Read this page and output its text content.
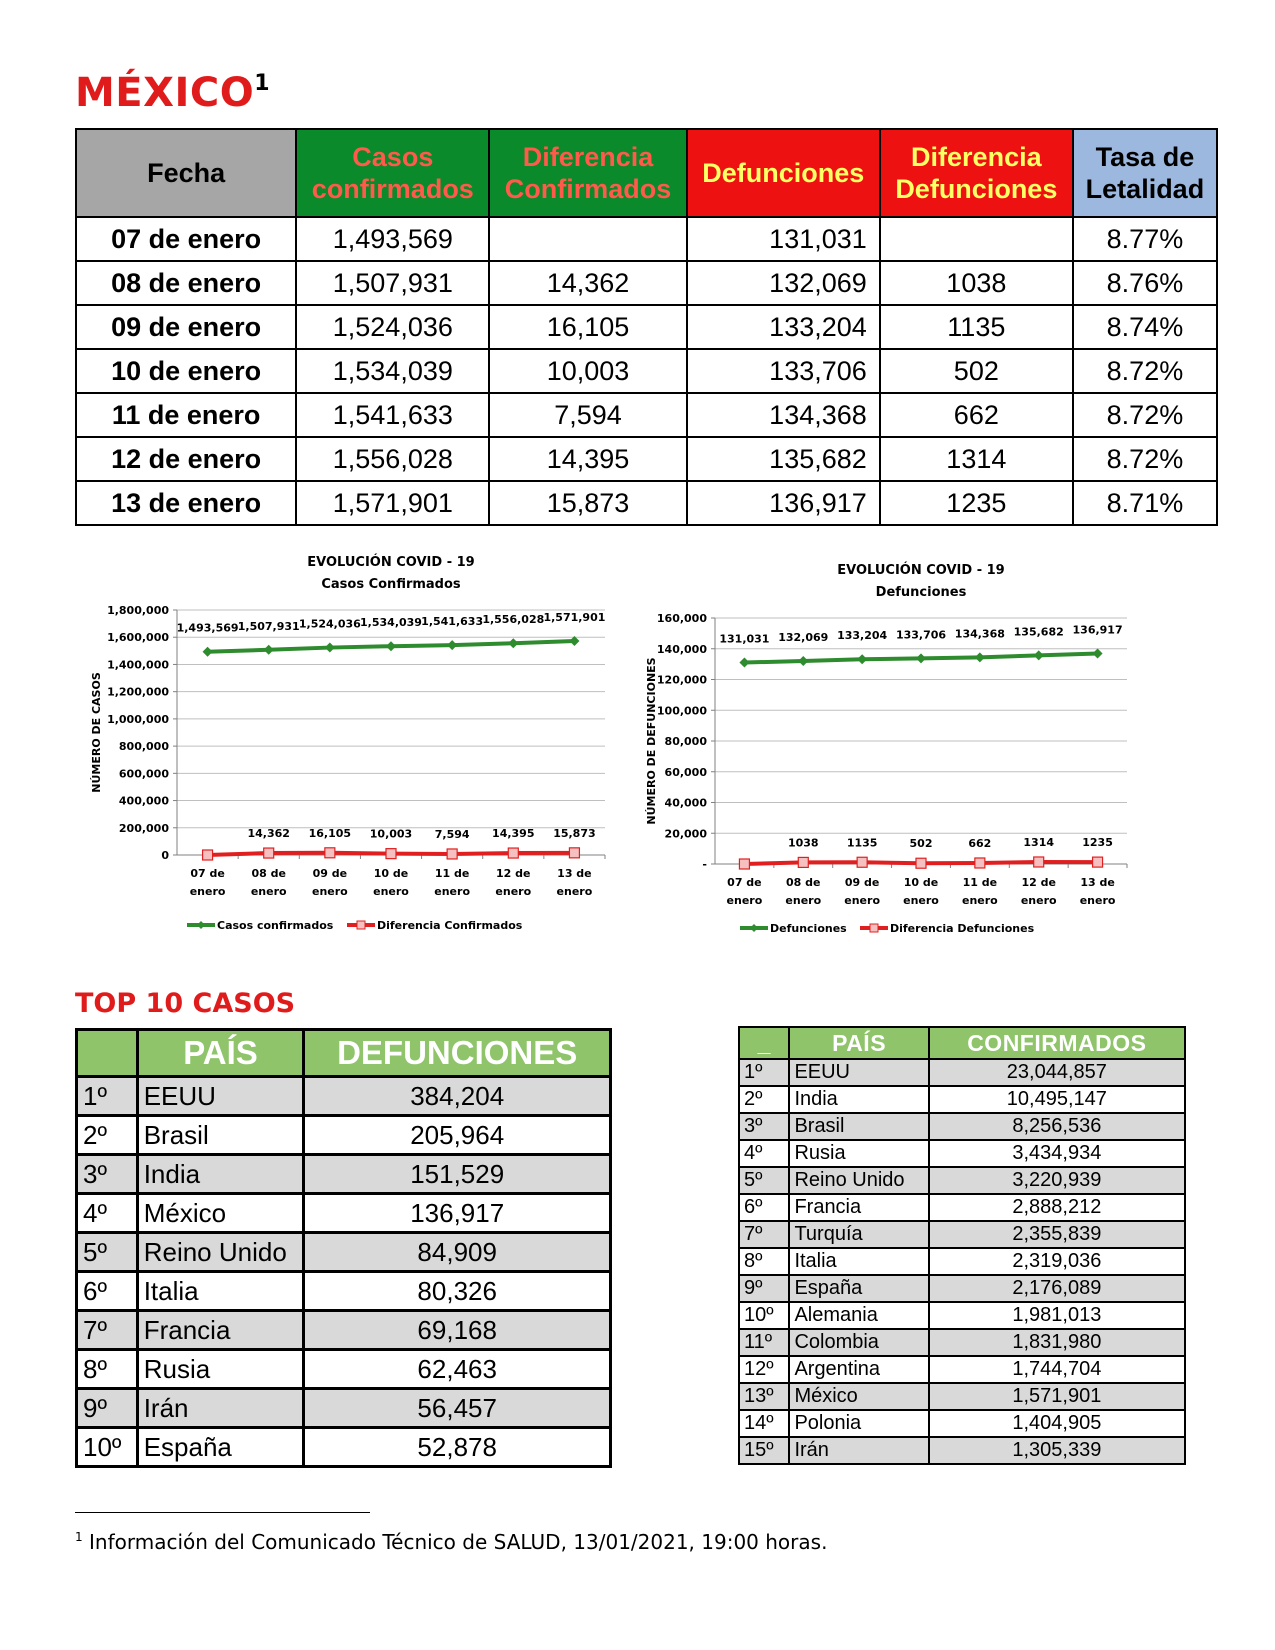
MÉXICO$^1$
Fecha	Casos confirmados	Diferencia Confirmados	Defunciones	Diferencia Defunciones	Tasa de Letalidad
07 de enero	1,493,569		131,031		8.77%
08 de enero	1,507,931	14,362	132,069	1038	8.76%
09 de enero	1,524,036	16,105	133,204	1135	8.74%
10 de enero	1,534,039	10,003	133,706	502	8.72%
11 de enero	1,541,633	7,594	134,368	662	8.72%
12 de enero	1,556,028	14,395	135,682	1314	8.72%
13 de enero	1,571,901	15,873	136,917	1235	8.71%
EVOLUCIÓN COVID - 19
Casos Confirmados
NÚMERO DE CASOS
0
200,000
400,000
600,000
800,000
1,000,000
1,200,000
1,400,000
1,600,000
1,800,000
07 de enero
08 de enero
09 de enero
10 de enero
11 de enero
12 de enero
13 de enero
1,493,569 1,507,931 1,524,036 1,534,039 1,541,633 1,556,028 1,571,901
14,362 16,105 10,003 7,594 14,395 15,873
Casos confirmados	Diferencia Confirmados
EVOLUCIÓN COVID - 19
Defunciones
NÚMERO DE DEFUNCIONES
-
20,000
40,000
60,000
80,000
100,000
120,000
140,000
160,000
07 de enero
08 de enero
09 de enero
10 de enero
11 de enero
12 de enero
13 de enero
131,031 132,069 133,204 133,706 134,368 135,682 136,917
1038	1135	502	662	1314	1235
Defunciones	Diferencia Defunciones
TOP 10 CASOS
	PAÍS	DEFUNCIONES
1º	EEUU	384,204
2º	Brasil	205,964
3º	India	151,529
4º	México	136,917
5º	Reino Unido	84,909
6º	Italia	80,326
7º	Francia	69,168
8º	Rusia	62,463
9º	Irán	56,457
10º	España	52,878
_	PAÍS	CONFIRMADOS
1º	EEUU	23,044,857
2º	India	10,495,147
3º	Brasil	8,256,536
4º	Rusia	3,434,934
5º	Reino Unido	3,220,939
6º	Francia	2,888,212
7º	Turquía	2,355,839
8º	Italia	2,319,036
9º	España	2,176,089
10º	Alemania	1,981,013
11º	Colombia	1,831,980
12º	Argentina	1,744,704
13º	México	1,571,901
14º	Polonia	1,404,905
15º	Irán	1,305,339
$^1$ Información del Comunicado Técnico de SALUD, 13/01/2021, 19:00 horas.
